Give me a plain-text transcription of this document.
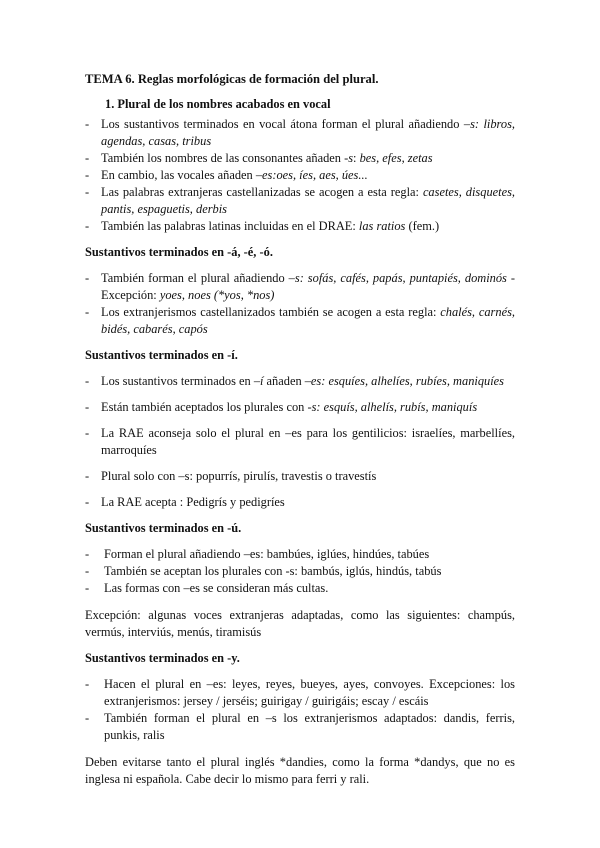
TEMA 6. Reglas morfológicas de formación del plural.
1. Plural de los nombres acabados en vocal
- Los sustantivos terminados en vocal átona forman el plural añadiendo –s: libros, agendas, casas, tribus
- También los nombres de las consonantes añaden -s: bes, efes, zetas
- En cambio, las vocales añaden –es:oes, íes, aes, úes...
- Las palabras extranjeras castellanizadas se acogen a esta regla: casetes, disquetes, pantis, espaguetis, derbis
- También las palabras latinas incluidas en el DRAE: las ratios (fem.)
Sustantivos terminados en -á, -é, -ó.
- También forman el plural añadiendo –s: sofás, cafés, papás, puntapiés, dominós - Excepción: yoes, noes (*yos, *nos)
- Los extranjerismos castellanizados también se acogen a esta regla: chalés, carnés, bidés, cabarés, capós
Sustantivos terminados en -í.
- Los sustantivos terminados en –í añaden –es: esquíes, alhelíes, rubíes, maniquíes
- Están también aceptados los plurales con -s: esquís, alhelís, rubís, maniquís
- La RAE aconseja solo el plural en –es para los gentilicios: israelíes, marbellíes, marroquíes
- Plural solo con –s: popurrís, pirulís, travestis o travestís
- La RAE acepta : Pedigrís y pedigríes
Sustantivos terminados en -ú.
- Forman el plural añadiendo –es: bambúes, iglúes, hindúes, tabúes
- También se aceptan los plurales con -s: bambús, iglús, hindús, tabús
- Las formas con –es se consideran más cultas.

Excepción: algunas voces extranjeras adaptadas, como las siguientes: champús, vermús, interviús, menús, tiramisús

Sustantivos terminados en -y.
- Hacen el plural en –es: leyes, reyes, bueyes, ayes, convoyes. Excepciones: los extranjerismos: jersey / jerséis; guirigay / guirigáis; escay / escáis
- También forman el plural en –s los extranjerismos adaptados: dandis, ferris, punkis, ralis

Deben evitarse tanto el plural inglés *dandies, como la forma *dandys, que no es inglesa ni española. Cabe decir lo mismo para ferri y rali.
